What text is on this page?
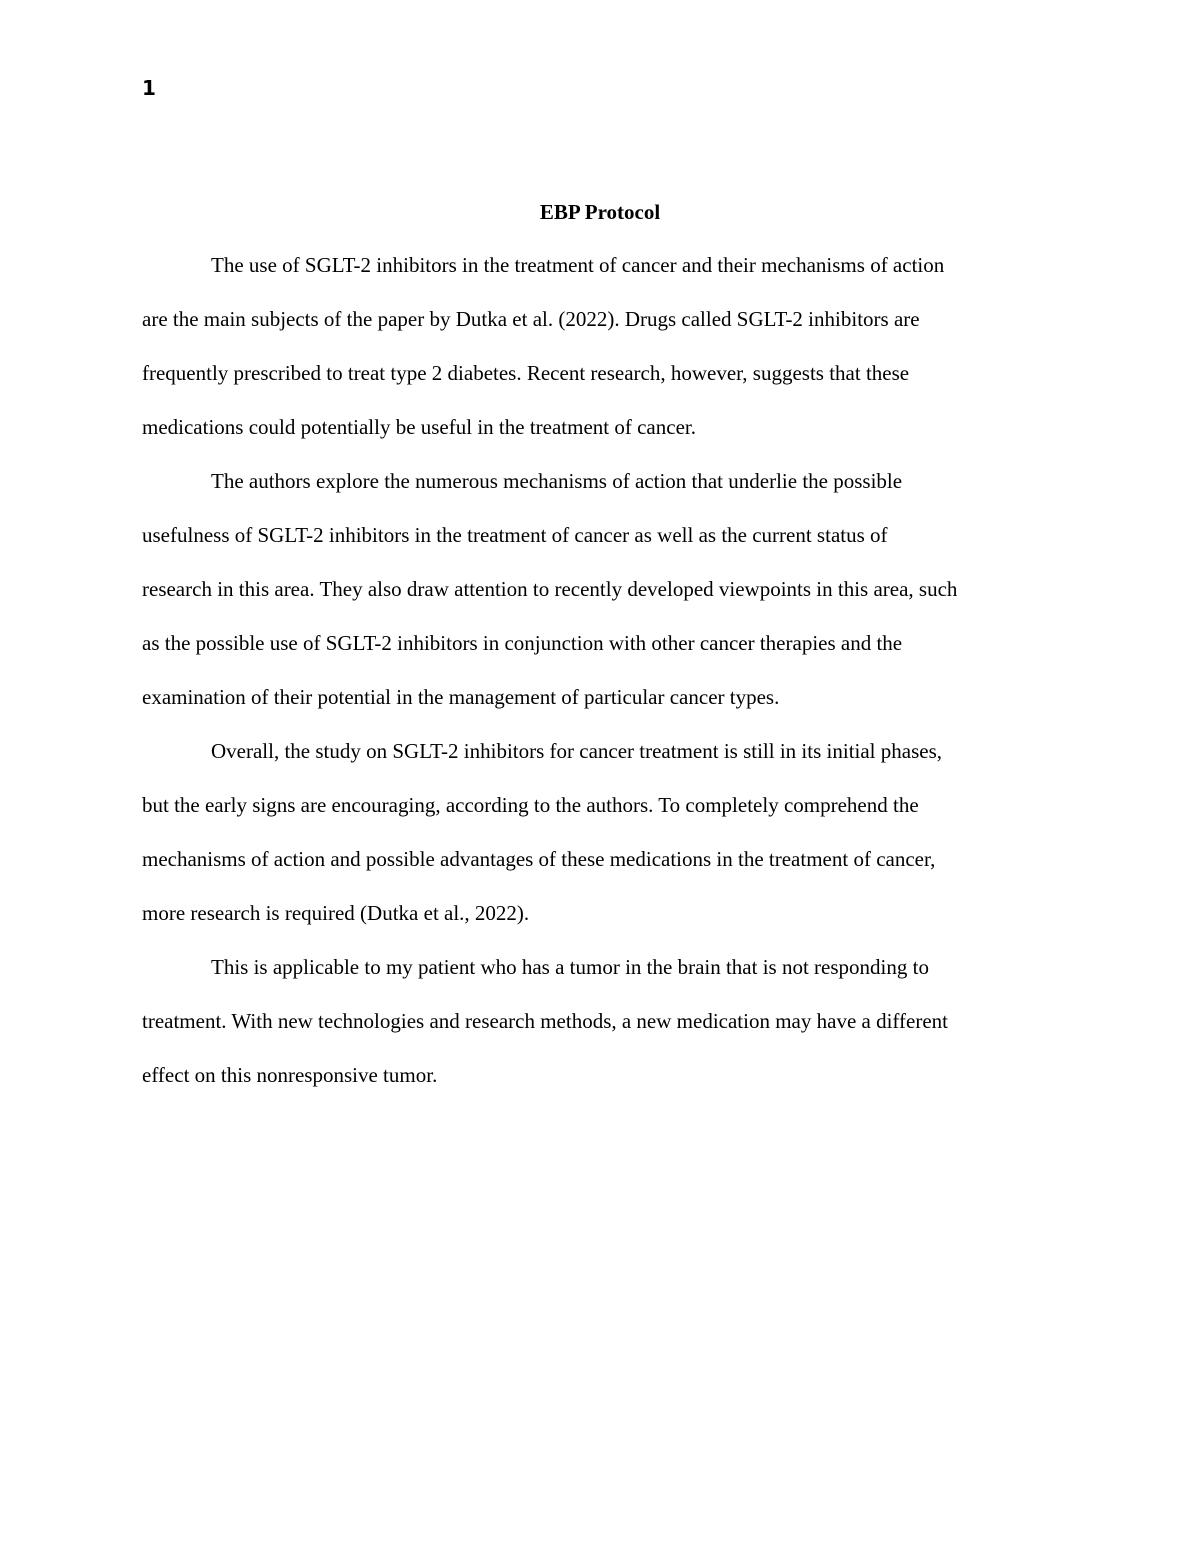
1
EBP Protocol
The use of SGLT-2 inhibitors in the treatment of cancer and their mechanisms of action
are the main subjects of the paper by Dutka et al. (2022). Drugs called SGLT-2 inhibitors are
frequently prescribed to treat type 2 diabetes. Recent research, however, suggests that these
medications could potentially be useful in the treatment of cancer.
The authors explore the numerous mechanisms of action that underlie the possible
usefulness of SGLT-2 inhibitors in the treatment of cancer as well as the current status of
research in this area. They also draw attention to recently developed viewpoints in this area, such
as the possible use of SGLT-2 inhibitors in conjunction with other cancer therapies and the
examination of their potential in the management of particular cancer types.
Overall, the study on SGLT-2 inhibitors for cancer treatment is still in its initial phases,
but the early signs are encouraging, according to the authors. To completely comprehend the
mechanisms of action and possible advantages of these medications in the treatment of cancer,
more research is required (Dutka et al., 2022).
This is applicable to my patient who has a tumor in the brain that is not responding to
treatment. With new technologies and research methods, a new medication may have a different
effect on this nonresponsive tumor.
